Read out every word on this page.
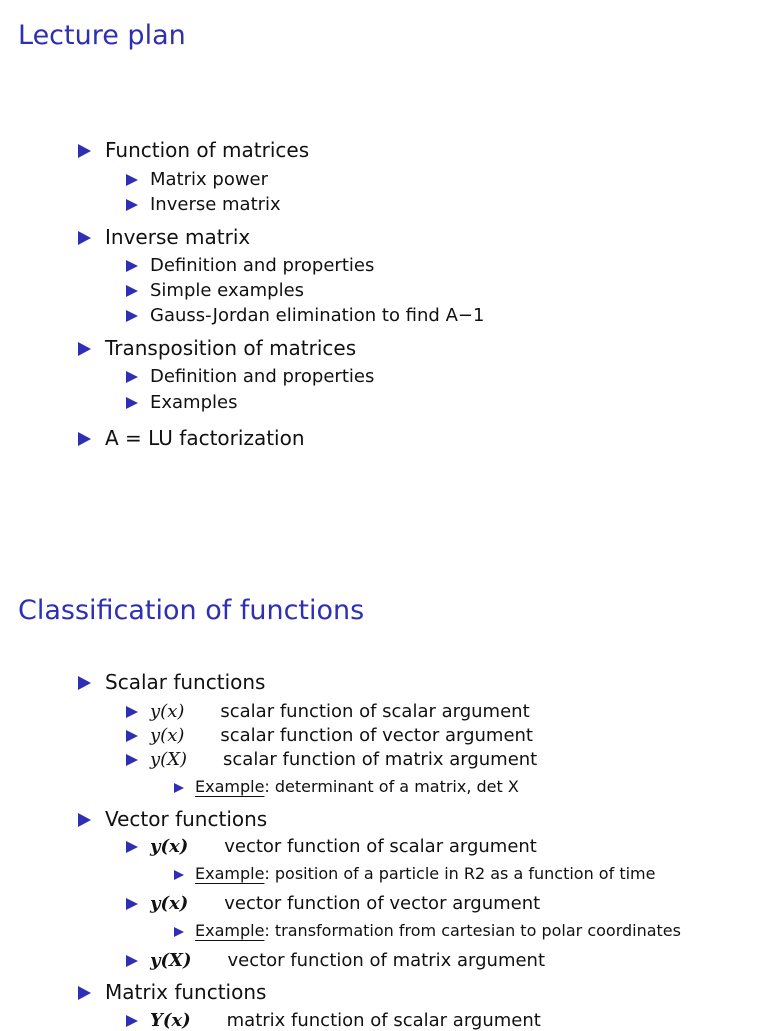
Lecture plan
Function of matrices
Matrix power
Inverse matrix
Inverse matrix
Definition and properties
Simple examples
Gauss-Jordan elimination to find A−1
Transposition of matrices
Definition and properties
Examples
A = LU factorization
Classification of functions
Scalar functions
y(x) scalar function of scalar argument
y(x) scalar function of vector argument
y(X) scalar function of matrix argument
Example: determinant of a matrix, det X
Vector functions
y(x) vector function of scalar argument
Example: position of a particle in R2 as a function of time
y(x) vector function of vector argument
Example: transformation from cartesian to polar coordinates
y(X) vector function of matrix argument
Matrix functions
Y(x) matrix function of scalar argument
